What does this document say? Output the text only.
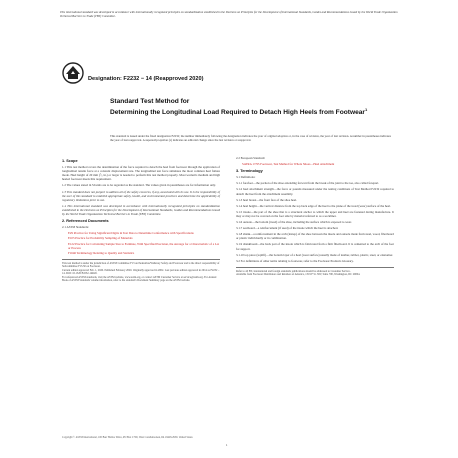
This international standard was developed in accordance with internationally recognized principles on standardization established in the Decision on Principles for the Development of International Standards, Guides and Recommendations issued by the World Trade Organization Technical Barriers to Trade (TBT) Committee.
Designation: F2232 − 14 (Reapproved 2020)
Standard Test Method for
Determining the Longitudinal Load Required to Detach High Heels from Footwear$^1$
This standard is issued under the fixed designation F2232; the number immediately following the designation indicates the year of original adoption or, in the case of revision, the year of last revision. A number in parentheses indicates the year of last reapproval. A superscript epsilon (ε) indicates an editorial change since the last revision or reapproval.
1. Scope
1.1 This test method covers the determination of the force required to detach the heel from footwear through the application of longitudinal tensile force at a constant displacement rate. The longitudinal test force simulates the most common heel failure mode. Heel height of 20 mm (⁷⁄₈ in.) or larger is needed to perform this test method properly. Most women's medium and high heeled footwear meets this requirement.
1.2 The values stated in SI units are to be regarded as the standard. The values given in parentheses are for information only.
1.3 This standard does not purport to address all of the safety concerns, if any, associated with its use. It is the responsibility of the user of this standard to establish appropriate safety, health, and environmental practices and determine the applicability of regulatory limitations prior to use.
1.4 This international standard was developed in accordance with internationally recognized principles on standardization established in the Decision on Principles for the Development of International Standards, Guides and Recommendations issued by the World Trade Organization Technical Barriers to Trade (TBT) Committee.
2. Referenced Documents
2.1 ASTM Standards:
E29 Practice for Using Significant Digits in Test Data to Determine Conformance with Specifications
E105 Practice for Probability Sampling of Materials
E122 Practice for Calculating Sample Size to Estimate, With Specified Precision, the Average for a Characteristic of a Lot or Process
F1646 Terminology Relating to Quality and Statistics
This test method is under the jurisdiction of ASTM Committee F13 on Pedestrian/Walkway Safety and Footwear and is the direct responsibility of Subcommittee F13.30 on Footwear.
Current edition approved Feb. 1, 2020. Published February 2020. Originally approved in 2002. Last previous edition approved in 2014 as F2232 – 14. DOI: 10.1520/F2232-14R20.
For referenced ASTM standards, visit the ASTM website, www.astm.org, or contact ASTM Customer Service at service@astm.org. For Annual Book of ASTM Standards volume information, refer to the standard's Document Summary page on the ASTM website.
2.2 European Standard:
SATRA 17/95 Footwear, Test Method for Whole Shoes—Heel Attachment
3. Terminology
3.1 Definitions:
3.1.1 forefoot—the portion of the shoe extending forward from the break of the joint to the toe, also called forepart.
3.1.2 heel attachment strength—the force or pounds measured under the testing conditions of Test Method F2232 required to detach the heel from the attachment assembly.
3.1.3 heel breast—the front face of the shoe heel.
3.1.4 heel height—the vertical distance from the top back edge of the heel to the plane of the tread (wear) surface of the heel.
3.1.5 insole—the part of the shoe that is a structural anchor to which the upper and heel are fastened during manufacture. It may or may not be covered on the foot side by material referred to as a sockliner.
3.1.6 outsole—the bottom (tread) of the shoe, including the surface which is exposed to wear.
3.1.7 seatboard—a reinforcement (if used) of the insole which the heel is attached.
3.1.8 shank—a reinforcement in the arch (instep) of the shoe between the insole and outsole made from steel, wood, fiberboard or plastic individually or in combination.
3.1.9 shankboard—the back part of the insole which is fabricated from a firm fiberboard. It is cemented to the arch of the foot for support.
3.1.10 top piece (toplift)—the bottom layer of a heel (wear surface) usually made of leather, rubber, plastic, steel, or elastomer.
3.2 For definitions of other terms relating to footwear, refer to the Footwear Products Glossary.
Refer to all EN, international and foreign standards publications should be addressed to Customer Service.
Available from Footwear Distributors and Retailers of America, 1319 F St. NW, Suite 700, Washington, DC 20004.
Copyright © ASTM International, 100 Barr Harbor Drive, PO Box C700, West Conshohocken, PA 19428-2959. United States
1
